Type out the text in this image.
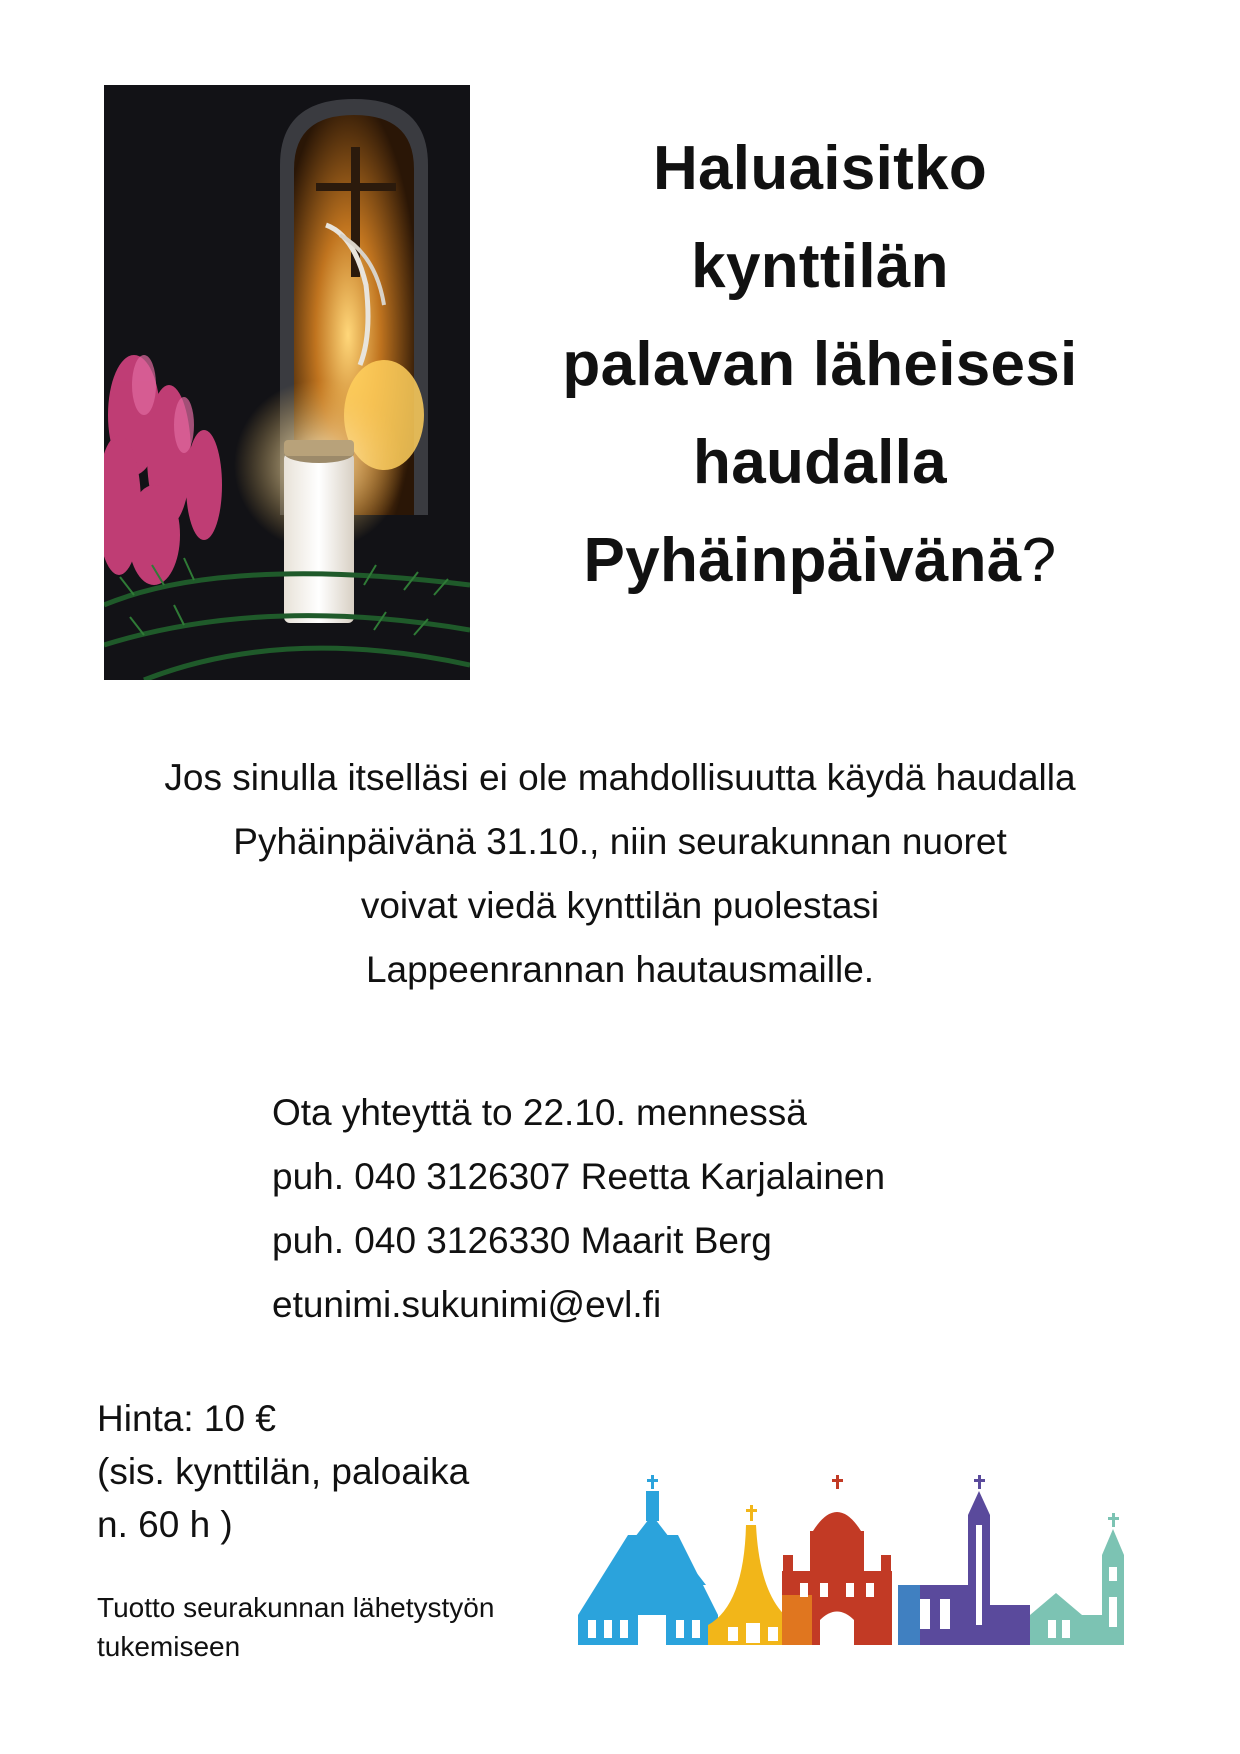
Haluaisitko
kynttilän
palavan läheisesi
haudalla
Pyhäinpäivänä?
Jos sinulla itselläsi ei ole mahdollisuutta käydä haudalla
Pyhäinpäivänä 31.10., niin seurakunnan nuoret
voivat viedä kynttilän puolestasi
Lappeenrannan hautausmaille.
Ota yhteyttä to 22.10. mennessä
puh. 040 3126307 Reetta Karjalainen
puh. 040 3126330 Maarit Berg
etunimi.sukunimi@evl.fi
Hinta: 10 €
(sis. kynttilän, paloaika
n. 60 h )
Tuotto seurakunnan lähetystyön
tukemiseen
